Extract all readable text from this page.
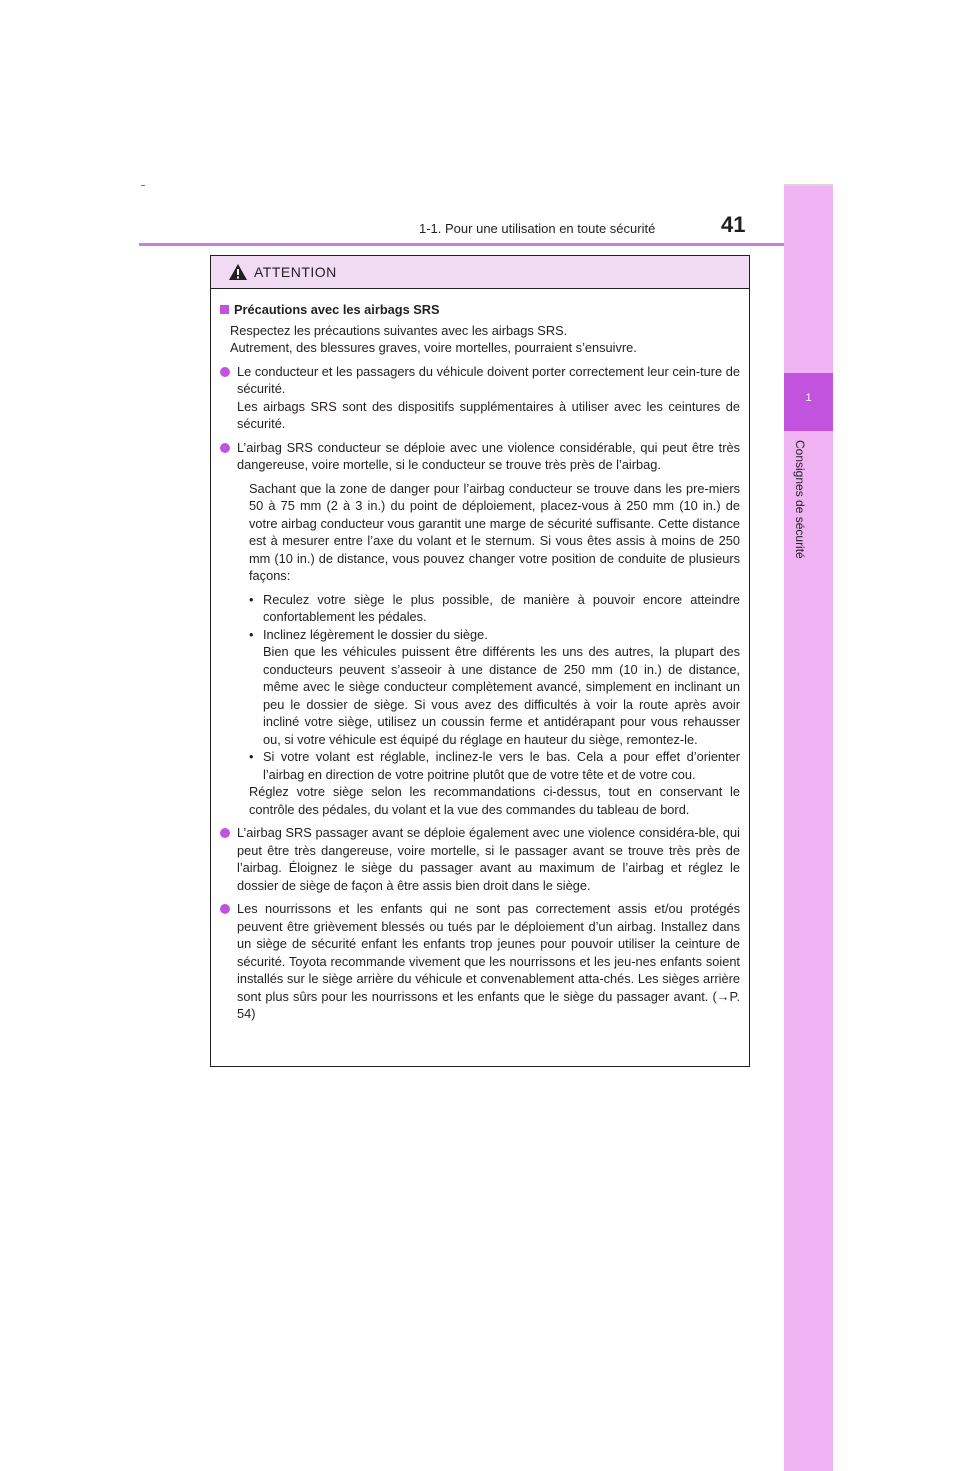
1-1. Pour une utilisation en toute sécurité	41
1
Consignes de sécurité
ATTENTION
Précautions avec les airbags SRS
Respectez les précautions suivantes avec les airbags SRS.
Autrement, des blessures graves, voire mortelles, pourraient s’ensuivre.
Le conducteur et les passagers du véhicule doivent porter correctement leur cein-ture de sécurité.
Les airbags SRS sont des dispositifs supplémentaires à utiliser avec les ceintures de sécurité.
L’airbag SRS conducteur se déploie avec une violence considérable, qui peut être très dangereuse, voire mortelle, si le conducteur se trouve très près de l’airbag.
Sachant que la zone de danger pour l’airbag conducteur se trouve dans les pre-miers 50 à 75 mm (2 à 3 in.) du point de déploiement, placez-vous à 250 mm (10 in.) de votre airbag conducteur vous garantit une marge de sécurité suffisante. Cette distance est à mesurer entre l’axe du volant et le sternum. Si vous êtes assis à moins de 250 mm (10 in.) de distance, vous pouvez changer votre position de conduite de plusieurs façons:
• Reculez votre siège le plus possible, de manière à pouvoir encore atteindre confortablement les pédales.
• Inclinez légèrement le dossier du siège.
Bien que les véhicules puissent être différents les uns des autres, la plupart des conducteurs peuvent s’asseoir à une distance de 250 mm (10 in.) de distance, même avec le siège conducteur complètement avancé, simplement en inclinant un peu le dossier de siège. Si vous avez des difficultés à voir la route après avoir incliné votre siège, utilisez un coussin ferme et antidérapant pour vous rehausser ou, si votre véhicule est équipé du réglage en hauteur du siège, remontez-le.
• Si votre volant est réglable, inclinez-le vers le bas. Cela a pour effet d’orienter l’airbag en direction de votre poitrine plutôt que de votre tête et de votre cou.
Réglez votre siège selon les recommandations ci-dessus, tout en conservant le contrôle des pédales, du volant et la vue des commandes du tableau de bord.
L’airbag SRS passager avant se déploie également avec une violence considéra-ble, qui peut être très dangereuse, voire mortelle, si le passager avant se trouve très près de l’airbag. Éloignez le siège du passager avant au maximum de l’airbag et réglez le dossier de siège de façon à être assis bien droit dans le siège.
Les nourrissons et les enfants qui ne sont pas correctement assis et/ou protégés peuvent être grièvement blessés ou tués par le déploiement d’un airbag. Installez dans un siège de sécurité enfant les enfants trop jeunes pour pouvoir utiliser la ceinture de sécurité. Toyota recommande vivement que les nourrissons et les jeu-nes enfants soient installés sur le siège arrière du véhicule et convenablement atta-chés. Les sièges arrière sont plus sûrs pour les nourrissons et les enfants que le siège du passager avant. (→P. 54)
